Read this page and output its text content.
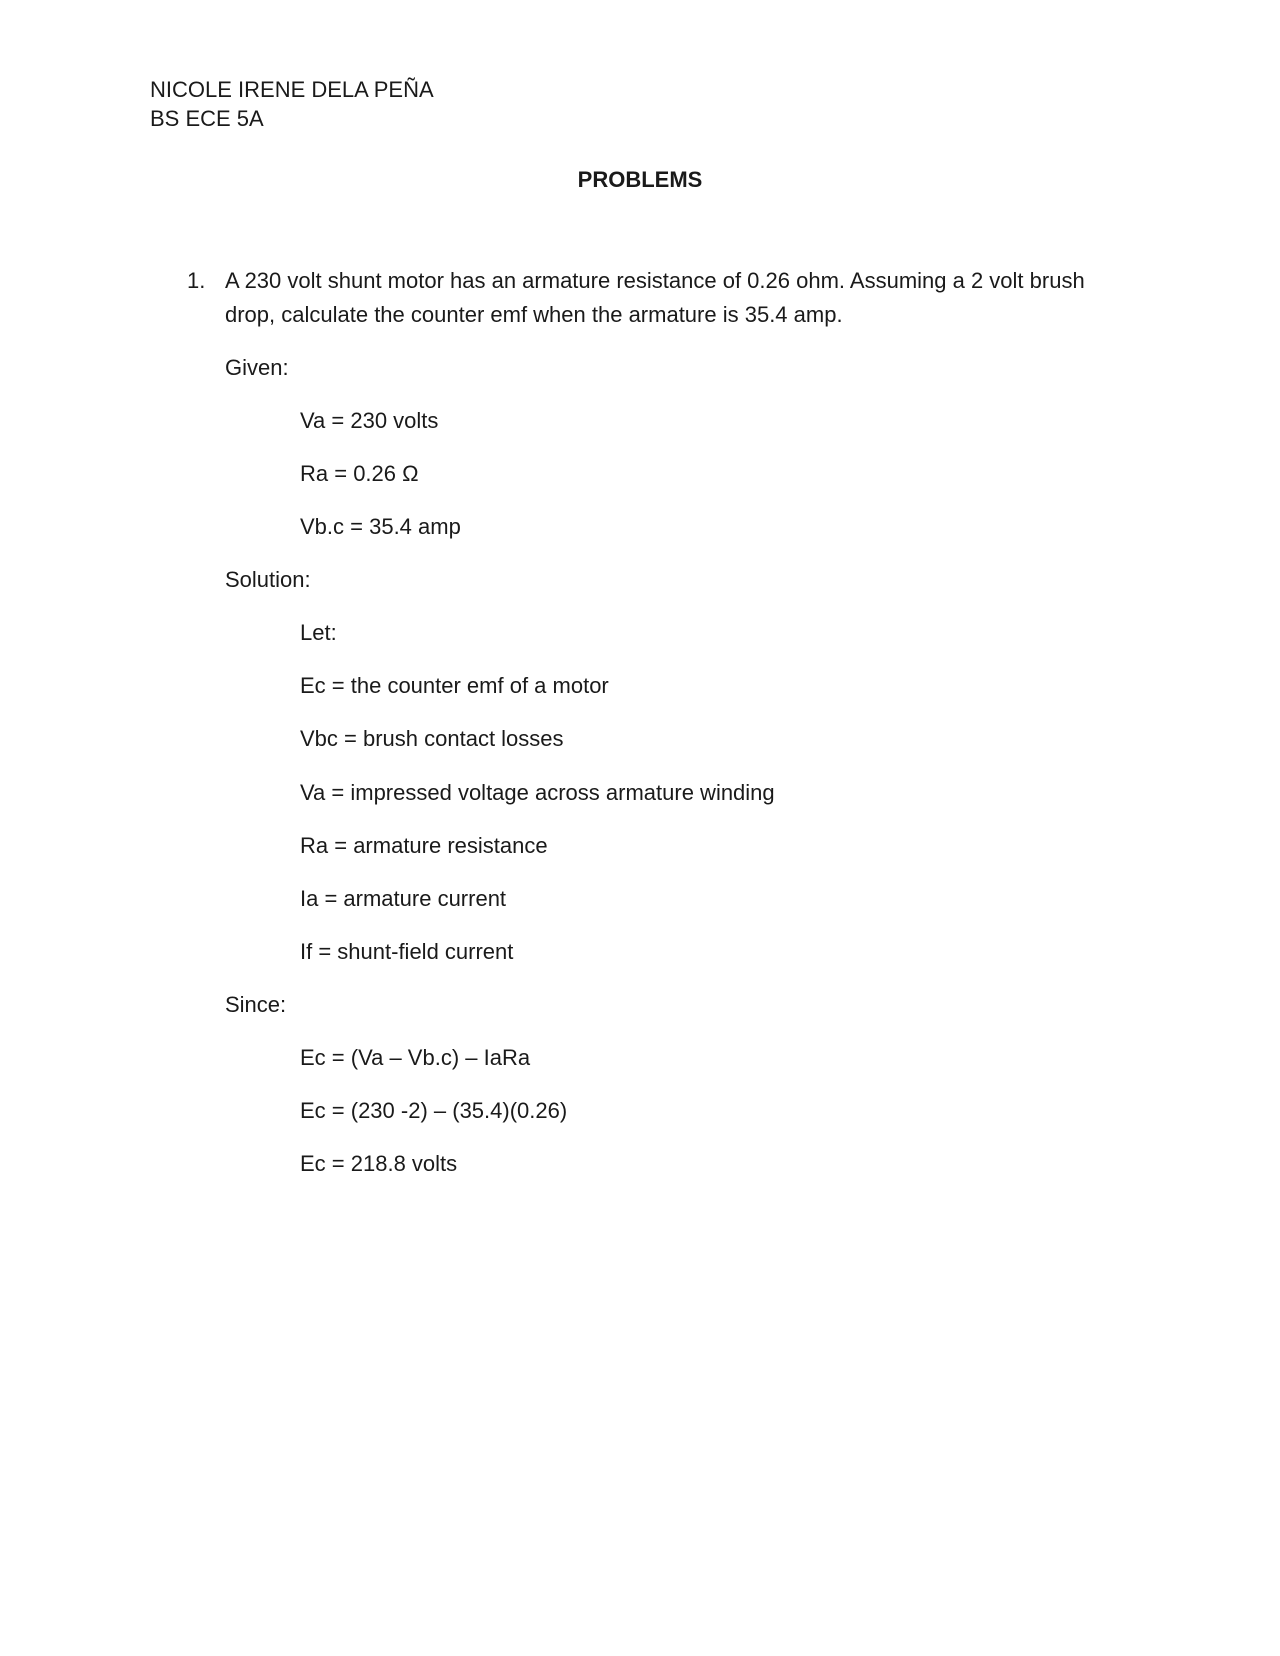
NICOLE IRENE DELA PEÑA
BS ECE 5A
PROBLEMS
1. A 230 volt shunt motor has an armature resistance of 0.26 ohm. Assuming a 2 volt brush
drop, calculate the counter emf when the armature is 35.4 amp.
Given:
Va = 230 volts
Ra = 0.26 Ω
Vb.c = 35.4 amp
Solution:
Let:
Ec = the counter emf of a motor
Vbc = brush contact losses
Va = impressed voltage across armature winding
Ra = armature resistance
Ia = armature current
If = shunt-field current
Since:
Ec = (Va – Vb.c) – IaRa
Ec = (230 -2) – (35.4)(0.26)
Ec = 218.8 volts
